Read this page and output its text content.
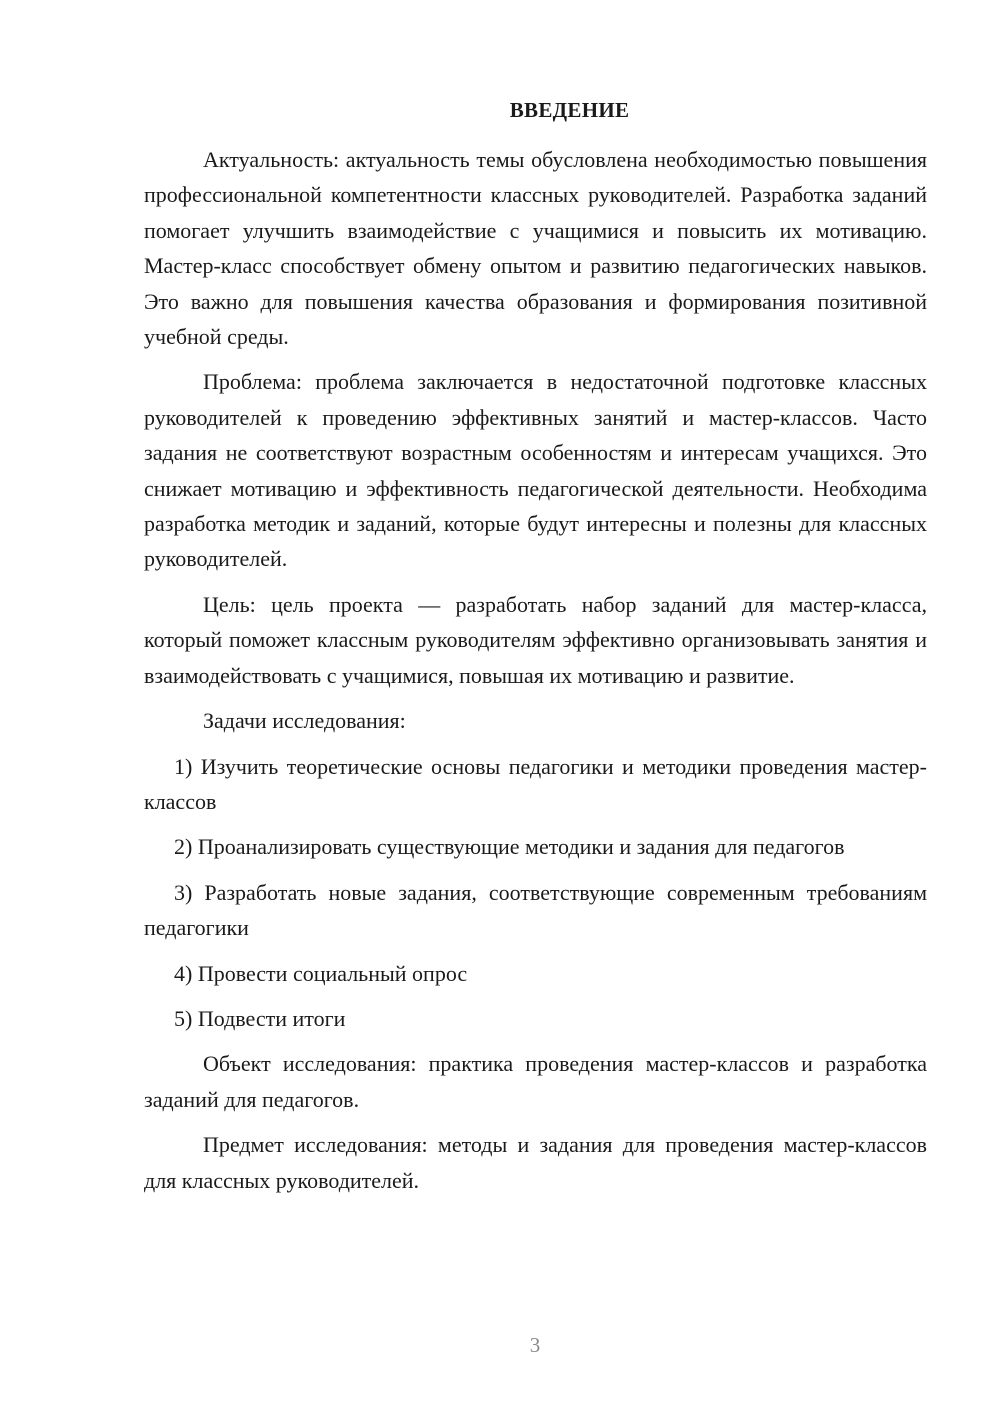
ВВЕДЕНИЕ

Актуальность: актуальность темы обусловлена необходимостью повышения профессиональной компетентности классных руководителей. Разработка заданий помогает улучшить взаимодействие с учащимися и повысить их мотивацию. Мастер-класс способствует обмену опытом и развитию педагогических навыков. Это важно для повышения качества образования и формирования позитивной учебной среды.

Проблема: проблема заключается в недостаточной подготовке классных руководителей к проведению эффективных занятий и мастер-классов. Часто задания не соответствуют возрастным особенностям и интересам учащихся. Это снижает мотивацию и эффективность педагогической деятельности. Необходима разработка методик и заданий, которые будут интересны и полезны для классных руководителей.

Цель: цель проекта — разработать набор заданий для мастер-класса, который поможет классным руководителям эффективно организовывать занятия и взаимодействовать с учащимися, повышая их мотивацию и развитие.

Задачи исследования:

1) Изучить теоретические основы педагогики и методики проведения мастер-классов

2) Проанализировать существующие методики и задания для педагогов

3) Разработать новые задания, соответствующие современным требованиям педагогики

4) Провести социальный опрос

5) Подвести итоги

Объект исследования: практика проведения мастер-классов и разработка заданий для педагогов.

Предмет исследования: методы и задания для проведения мастер-классов для классных руководителей.

3
